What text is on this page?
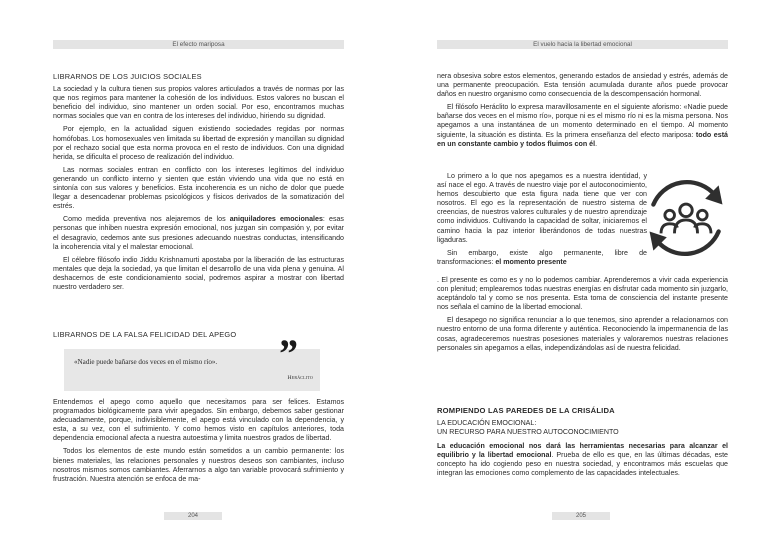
El efecto mariposa

LIBRARNOS DE LOS JUICIOS SOCIALES

La sociedad y la cultura tienen sus propios valores articulados a través de normas por las que nos regimos para mantener la cohesión de los individuos. Estos valores no buscan el beneficio del individuo, sino mantener un orden social. Por eso, encontramos muchas normas sociales que van en contra de los intereses del individuo, hiriendo su dignidad.

Por ejemplo, en la actualidad siguen existiendo sociedades regidas por normas homófobas. Los homosexuales ven limitada su libertad de expresión y mancillan su dignidad por el rechazo social que esta norma provoca en el resto de individuos. Con una dignidad herida, se dificulta el proceso de realización del individuo.

Las normas sociales entran en conflicto con los intereses legítimos del individuo generando un conflicto interno y sienten que están viviendo una vida que no está en sintonía con sus valores y beneficios. Esta incoherencia es un nicho de dolor que puede llegar a desencadenar problemas psicológicos y físicos derivados de la somatización del estrés.

Como medida preventiva nos alejaremos de los aniquiladores emocionales: esas personas que inhiben nuestra expresión emocional, nos juzgan sin compasión y, por evitar el desagravio, cedemos ante sus presiones adecuando nuestras conductas, intensificando la incoherencia vital y el malestar emocional.

El célebre filósofo indio Jiddu Krishnamurti apostaba por la liberación de las estructuras mentales que deja la sociedad, ya que limitan el desarrollo de una vida plena y genuina. Al deshacernos de este condicionamiento social, podremos aspirar a mostrar con libertad nuestro verdadero ser.

LIBRARNOS DE LA FALSA FELICIDAD DEL APEGO

«Nadie puede bañarse dos veces en el mismo río».
Heráclito
”

Entendemos el apego como aquello que necesitamos para ser felices. Estamos programados biológicamente para vivir apegados. Sin embargo, debemos saber gestionar adecuadamente, porque, indivisiblemente, el apego está vinculado con la dependencia, y esta, a su vez, con el sufrimiento. Y como hemos visto en capítulos anteriores, toda dependencia emocional afecta a nuestra autoestima y limita nuestros grados de libertad.

Todos los elementos de este mundo están sometidos a un cambio permanente: los bienes materiales, las relaciones personales y nuestros deseos son cambiantes, incluso nosotros mismos somos cambiantes. Aferrarnos a algo tan variable provocará sufrimiento y frustración. Nuestra atención se enfoca de ma-

204
El vuelo hacia la libertad emocional

nera obsesiva sobre estos elementos, generando estados de ansiedad y estrés, además de una permanente preocupación. Esta tensión acumulada durante años puede provocar daños en nuestro organismo como consecuencia de la descompensación hormonal.

El filósofo Heráclito lo expresa maravillosamente en el siguiente aforismo: «Nadie puede bañarse dos veces en el mismo río», porque ni es el mismo río ni es la misma persona. Nos apegamos a una instantánea de un momento determinado en el tiempo. Al momento siguiente, la situación es distinta. Es la primera enseñanza del efecto mariposa: todo está en un constante cambio y todos fluimos con él.

Lo primero a lo que nos apegamos es a nuestra identidad, y así nace el ego. A través de nuestro viaje por el autoconocimiento, hemos descubierto que esta figura nada tiene que ver con nosotros. El ego es la representación de nuestro sistema de creencias, de nuestros valores culturales y de nuestro aprendizaje como individuos. Cultivando la capacidad de soltar, iniciaremos el camino hacia la paz interior liberándonos de todas nuestras ligaduras.

Sin embargo, existe algo permanente, libre de transformaciones: el momento presente

. El presente es como es y no lo podemos cambiar. Aprenderemos a vivir cada experiencia con plenitud; emplearemos todas nuestras energías en disfrutar cada momento sin juzgarlo, aceptándolo tal y como se nos presenta. Esta toma de consciencia del instante presente nos señala el camino de la libertad emocional.

El desapego no significa renunciar a lo que tenemos, sino aprender a relacionarnos con nuestro entorno de una forma diferente y auténtica. Reconociendo la impermanencia de las cosas, agradeceremos nuestras posesiones materiales y valoraremos nuestras relaciones personales sin apegarnos a ellas, independizándolas así de nuestra felicidad.

ROMPIENDO LAS PAREDES DE LA CRISÁLIDA

LA EDUCACIÓN EMOCIONAL:
UN RECURSO PARA NUESTRO AUTOCONOCIMIENTO

La educación emocional nos dará las herramientas necesarias para alcanzar el equilibrio y la libertad emocional. Prueba de ello es que, en las últimas décadas, este concepto ha ido cogiendo peso en nuestra sociedad, y encontramos más escuelas que integran las emociones como complemento de las capacidades intelectuales.

205
